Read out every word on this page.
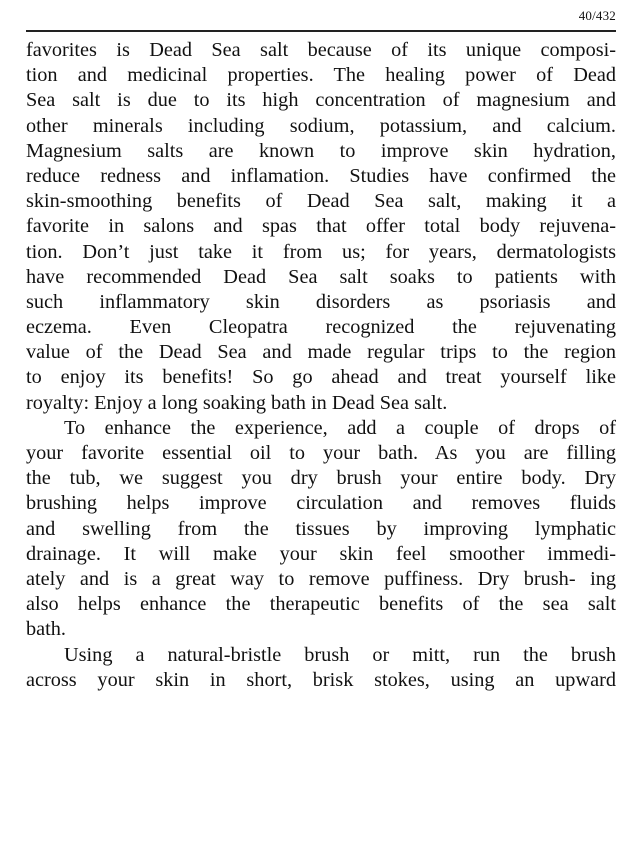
40/432
favorites is Dead Sea salt because of its unique composi-
tion and medicinal properties. The healing power of Dead
Sea salt is due to its high concentration of magnesium and
other minerals including sodium, potassium, and calcium.
Magnesium salts are known to improve skin hydration,
reduce redness and inflamation. Studies have confirmed the
skin-smoothing benefits of Dead Sea salt, making it a
favorite in salons and spas that offer total body rejuvena-
tion. Don’t just take it from us; for years, dermatologists
have recommended Dead Sea salt soaks to patients with
such inflammatory skin disorders as psoriasis and
eczema. Even Cleopatra recognized the rejuvenating
value of the Dead Sea and made regular trips to the region
to enjoy its benefits! So go ahead and treat yourself like
royalty: Enjoy a long soaking bath in Dead Sea salt.
To enhance the experience, add a couple of drops of
your favorite essential oil to your bath. As you are filling
the tub, we suggest you dry brush your entire body. Dry
brushing helps improve circulation and removes fluids
and swelling from the tissues by improving lymphatic
drainage. It will make your skin feel smoother immedi-
ately and is a great way to remove puffiness. Dry brush- ing
also helps enhance the therapeutic benefits of the sea salt
bath.
Using a natural-bristle brush or mitt, run the brush
across your skin in short, brisk stokes, using an upward
